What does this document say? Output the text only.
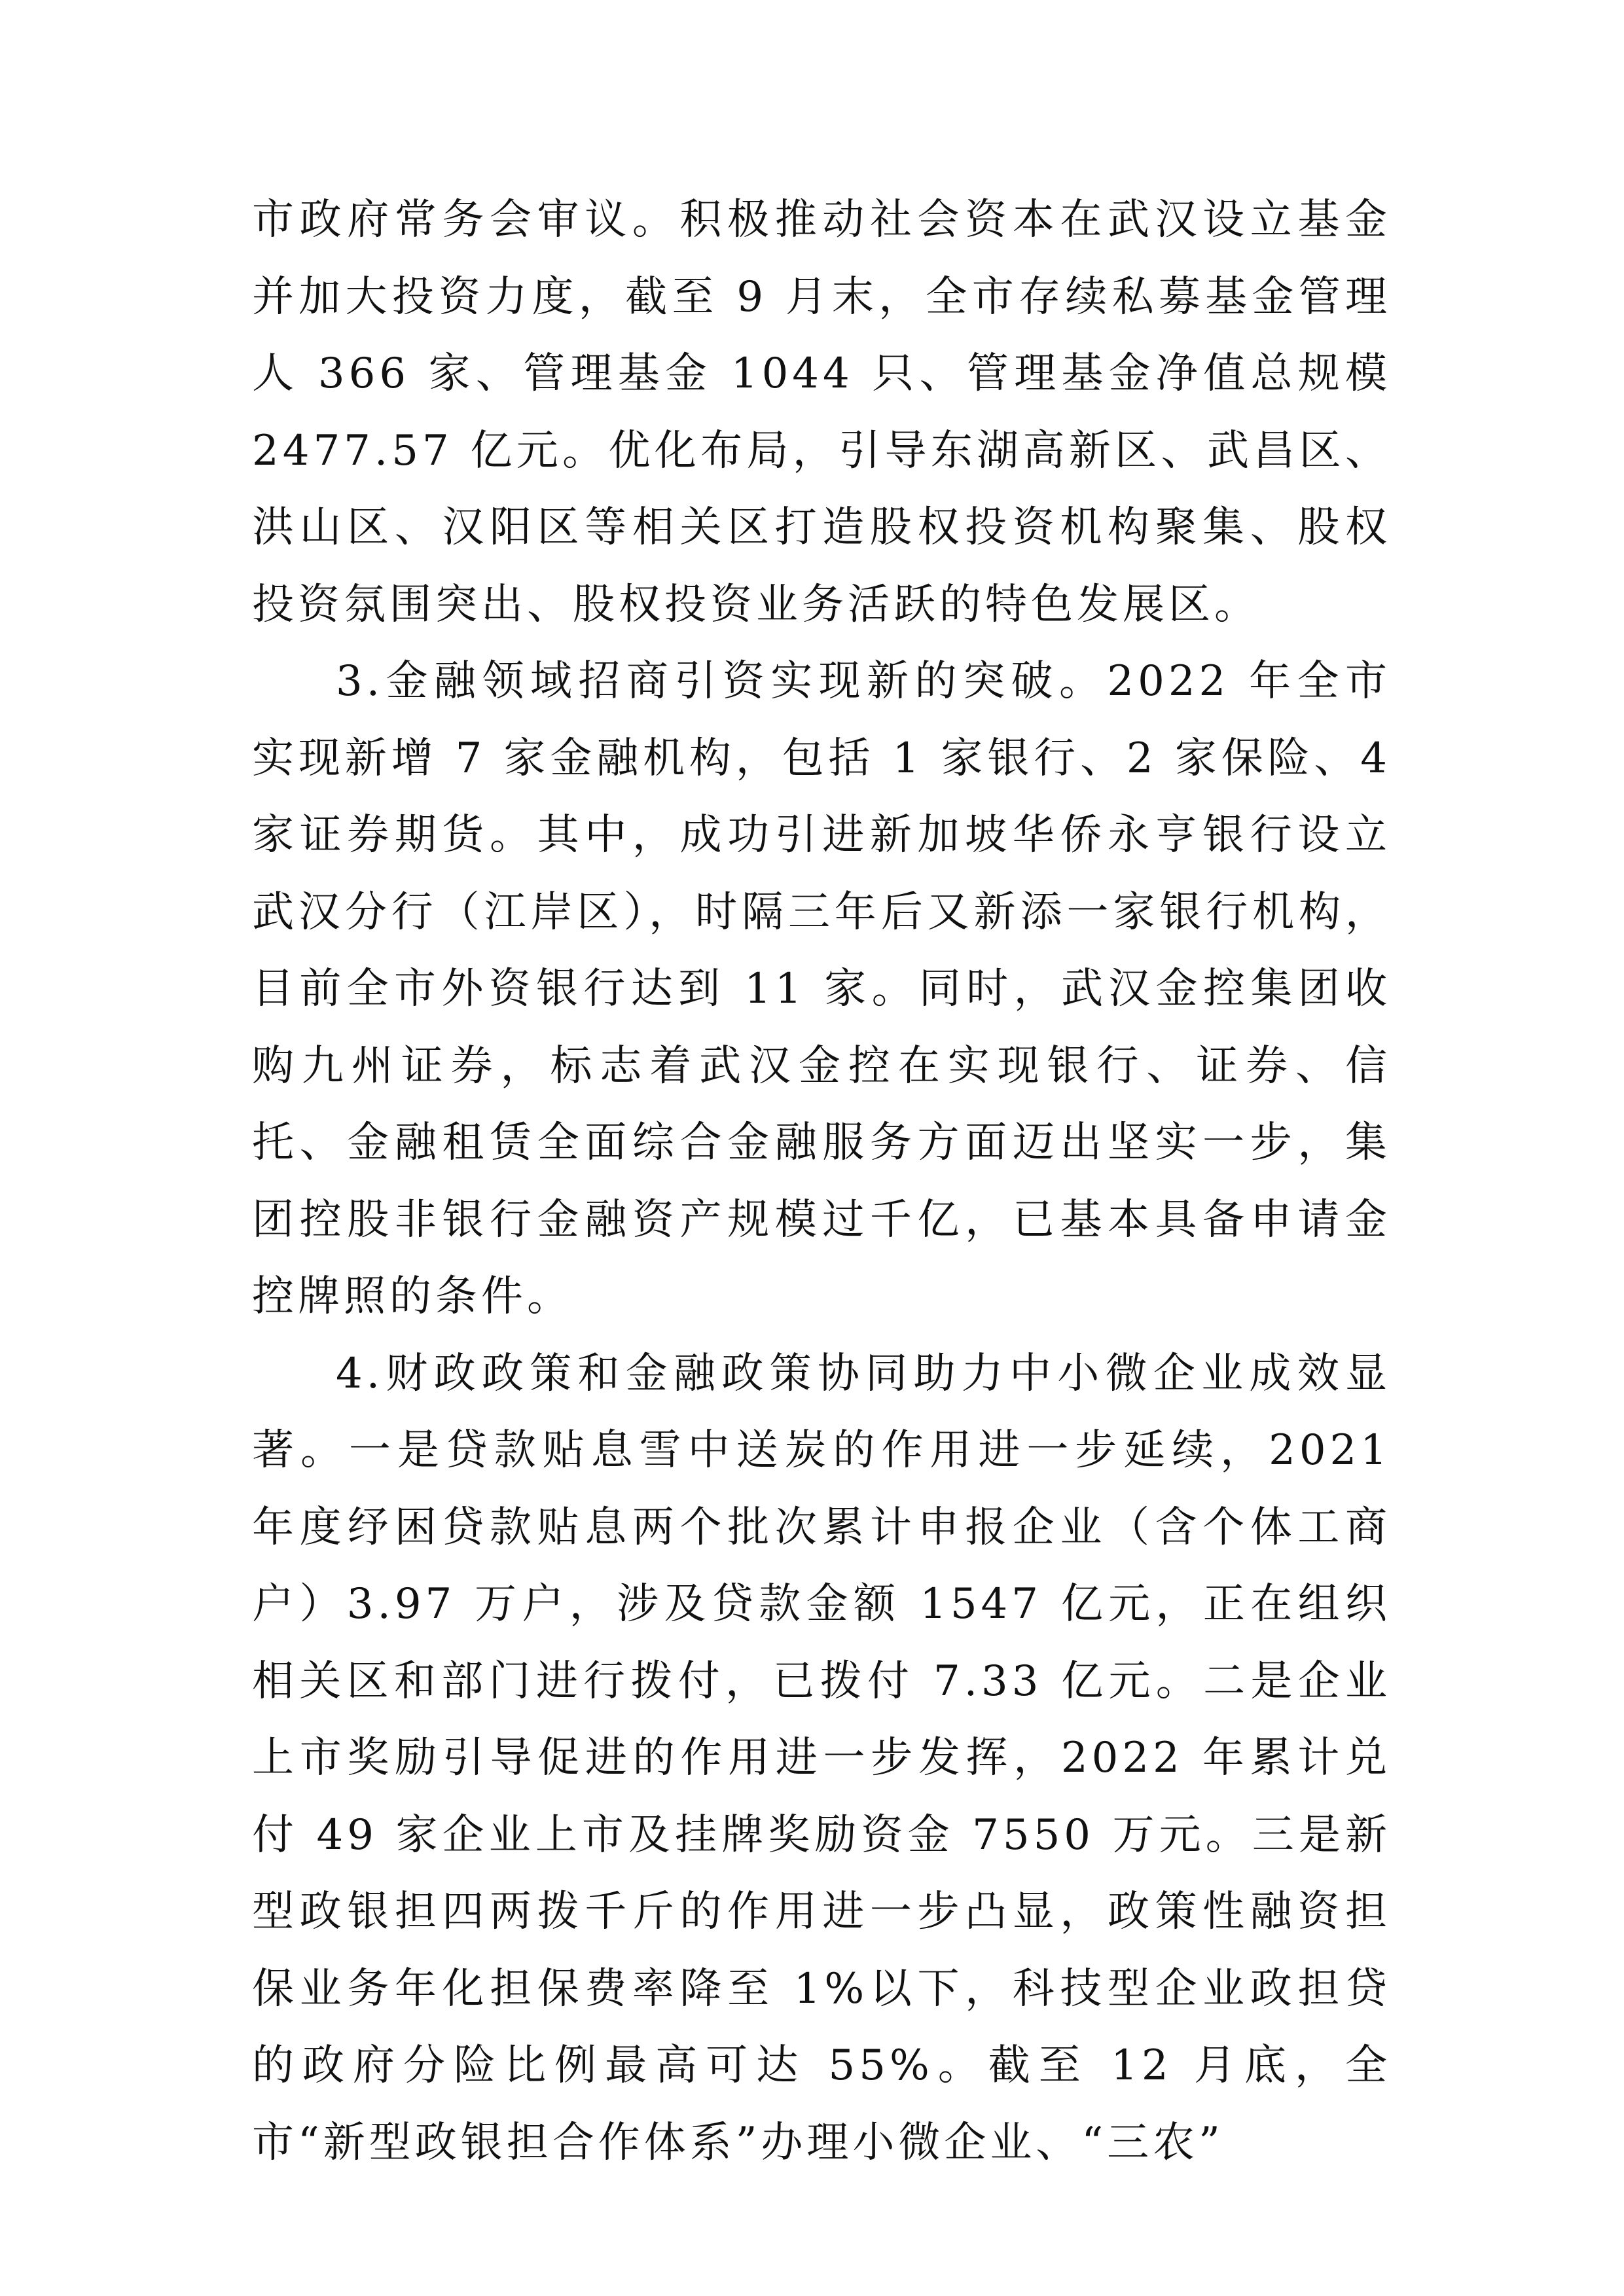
市政府常务会审议。积极推动社会资本在武汉设立基金并加大投资力度，截至 9 月末，全市存续私募基金管理人 366 家、管理基金 1044 只、管理基金净值总规模 2477.57 亿元。优化布局，引导东湖高新区、武昌区、洪山区、汉阳区等相关区打造股权投资机构聚集、股权投资氛围突出、股权投资业务活跃的特色发展区。

3.金融领域招商引资实现新的突破。2022 年全市实现新增 7 家金融机构，包括 1 家银行、2 家保险、4 家证券期货。其中，成功引进新加坡华侨永亨银行设立武汉分行（江岸区），时隔三年后又新添一家银行机构，目前全市外资银行达到 11 家。同时，武汉金控集团收购九州证券，标志着武汉金控在实现银行、证券、信托、金融租赁全面综合金融服务方面迈出坚实一步，集团控股非银行金融资产规模过千亿，已基本具备申请金控牌照的条件。

4.财政政策和金融政策协同助力中小微企业成效显著。一是贷款贴息雪中送炭的作用进一步延续，2021 年度纾困贷款贴息两个批次累计申报企业（含个体工商户）3.97 万户，涉及贷款金额 1547 亿元，正在组织相关区和部门进行拨付，已拨付 7.33 亿元。二是企业上市奖励引导促进的作用进一步发挥，2022 年累计兑付 49 家企业上市及挂牌奖励资金 7550 万元。三是新型政银担四两拨千斤的作用进一步凸显，政策性融资担保业务年化担保费率降至 1%以下，科技型企业政担贷的政府分险比例最高可达 55%。截至 12 月底，全市“新型政银担合作体系”办理小微企业、“三农”
